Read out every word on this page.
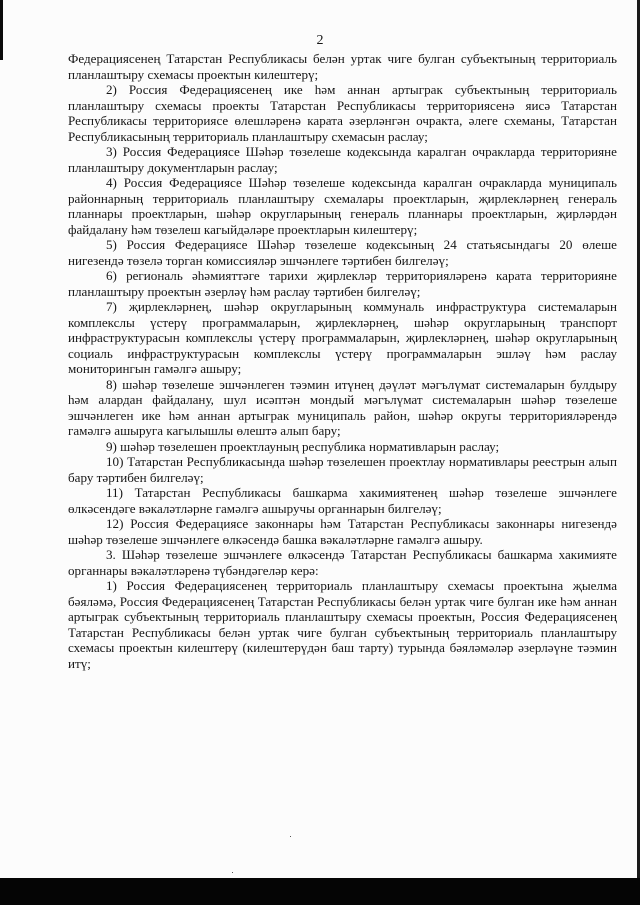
2

Федерациясенең Татарстан Республикасы белән уртак чиге булган субъектының территориаль планлаштыру схемасы проектын килештерү;

2) Россия Федерациясенең ике һәм аннан артыграк субъектының территориаль планлаштыру схемасы проекты Татарстан Республикасы территориясенә яисә Татарстан Республикасы территориясе өлешләренә карата әзерләнгән очракта, әлеге схеманы, Татарстан Республикасының территориаль планлаштыру схемасын раслау;

3) Россия Федерациясе Шәһәр төзелеше кодексында каралган очракларда территорияне планлаштыру документларын раслау;

4) Россия Федерациясе Шәһәр төзелеше кодексында каралган очракларда муниципаль районнарның территориаль планлаштыру схемалары проектларын, җирлекләрнең генераль планнары проектларын, шәһәр округларының генераль планнары проектларын, җирләрдән файдалану һәм төзелеш кагыйдәләре проектларын килештерү;

5) Россия Федерациясе Шәһәр төзелеше кодексының 24 статьясындагы 20 өлеше нигезендә төзелә торган комиссияләр эшчәнлеге тәртибен билгеләү;

6) региональ әһәмияттәге тарихи җирлекләр территорияләренә карата территорияне планлаштыру проектын әзерләү һәм раслау тәртибен билгеләү;

7) җирлекләрнең, шәһәр округларының коммуналь инфраструктура системаларын комплекслы үстерү программаларын, җирлекләрнең, шәһәр округларының транспорт инфраструктурасын комплекслы үстерү программаларын, җирлекләрнең, шәһәр округларының социаль инфраструктурасын комплекслы үстерү программаларын эшләү һәм раслау мониторингын гамәлгә ашыру;

8) шәһәр төзелеше эшчәнлеген тәэмин итүнең дәүләт мәгълүмат системаларын булдыру һәм алардан файдалану, шул исәптән мондый мәгълүмат системаларын шәһәр төзелеше эшчәнлеген ике һәм аннан артыграк муниципаль район, шәһәр округы территорияләрендә гамәлгә ашыруга кагылышлы өлештә алып бару;

9) шәһәр төзелешен проектлауның республика нормативларын раслау;

10) Татарстан Республикасында шәһәр төзелешен проектлау нормативлары реестрын алып бару тәртибен билгеләү;

11) Татарстан Республикасы башкарма хакимиятенең шәһәр төзелеше эшчәнлеге өлкәсендәге вәкаләтләрне гамәлгә ашыручы органнарын билгеләү;

12) Россия Федерациясе законнары һәм Татарстан Республикасы законнары нигезендә шәһәр төзелеше эшчәнлеге өлкәсендә башка вәкаләтләрне гамәлгә ашыру.

3. Шәһәр төзелеше эшчәнлеге өлкәсендә Татарстан Республикасы башкарма хакимияте органнары вәкаләтләренә түбәндәгеләр керә:

1) Россия Федерациясенең территориаль планлаштыру схемасы проектына җыелма бәяләмә, Россия Федерациясенең Татарстан Республикасы белән уртак чиге булган ике һәм аннан артыграк субъектының территориаль планлаштыру схемасы проектын, Россия Федерациясенең Татарстан Республикасы белән уртак чиге булган субъектының территориаль планлаштыру схемасы проектын килештерү (килештерүдән баш тарту) турында бәяләмәләр әзерләүне тәэмин итү;
